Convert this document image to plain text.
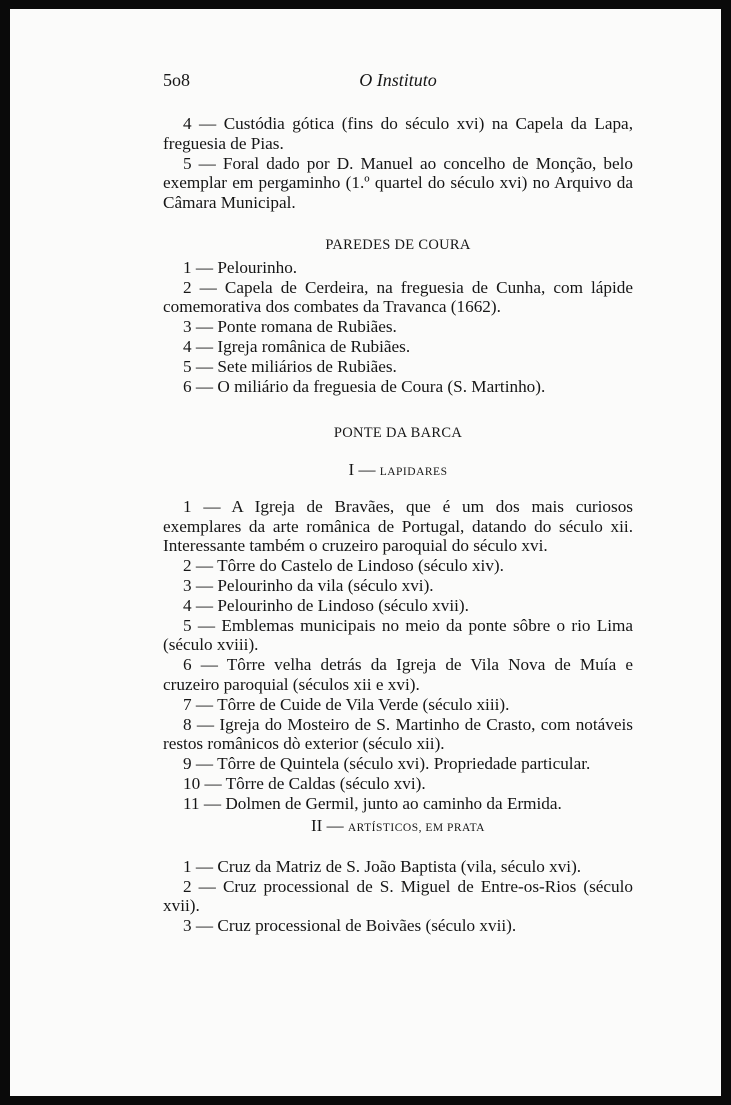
5o8	O Instituto

4 — Custódia gótica (fins do século xvi) na Capela da Lapa, freguesia de Pias.

5 — Foral dado por D. Manuel ao concelho de Monção, belo exemplar em pergaminho (1.º quartel do século xvi) no Arquivo da Câmara Municipal.

PAREDES DE COURA

1 — Pelourinho.

2 — Capela de Cerdeira, na freguesia de Cunha, com lápide comemorativa dos combates da Travanca (1662).

3 — Ponte romana de Rubiães.

4 — Igreja românica de Rubiães.

5 — Sete miliários de Rubiães.

6 — O miliário da freguesia de Coura (S. Martinho).

PONTE DA BARCA
I — LAPIDARES

1 — A Igreja de Bravães, que é um dos mais curiosos exemplares da arte românica de Portugal, datando do século xii. Interessante também o cruzeiro paroquial do século xvi.

2 — Tôrre do Castelo de Lindoso (século xiv).

3 — Pelourinho da vila (século xvi).

4 — Pelourinho de Lindoso (século xvii).

5 — Emblemas municipais no meio da ponte sôbre o rio Lima (século xviii).

6 — Tôrre velha detrás da Igreja de Vila Nova de Muía e cruzeiro paroquial (séculos xii e xvi).

7 — Tôrre de Cuide de Vila Verde (século xiii).

8 — Igreja do Mosteiro de S. Martinho de Crasto, com notáveis restos românicos dò exterior (século xii).

9 — Tôrre de Quintela (século xvi). Propriedade particular.

10 — Tôrre de Caldas (século xvi).

11 — Dolmen de Germil, junto ao caminho da Ermida.

II — ARTÍSTICOS, EM PRATA

1 — Cruz da Matriz de S. João Baptista (vila, século xvi).

2 — Cruz processional de S. Miguel de Entre-os-Rios (século xvii).

3 — Cruz processional de Boivães (século xvii).
